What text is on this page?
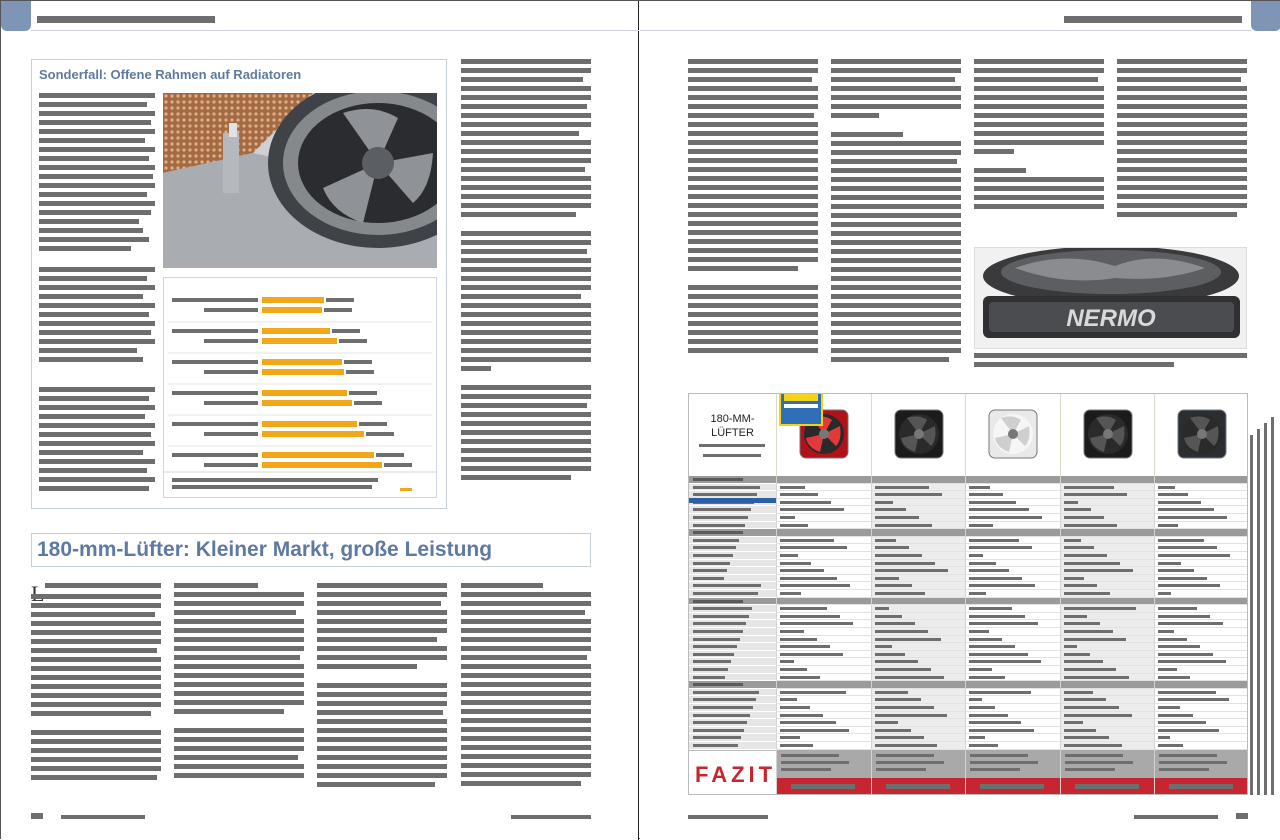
Sonderfall: Offene Rahmen auf Radiatoren
180-mm-Lüfter: Kleiner Markt, große Leistung
NERMO
180-MM-LÜFTER
FAZIT
